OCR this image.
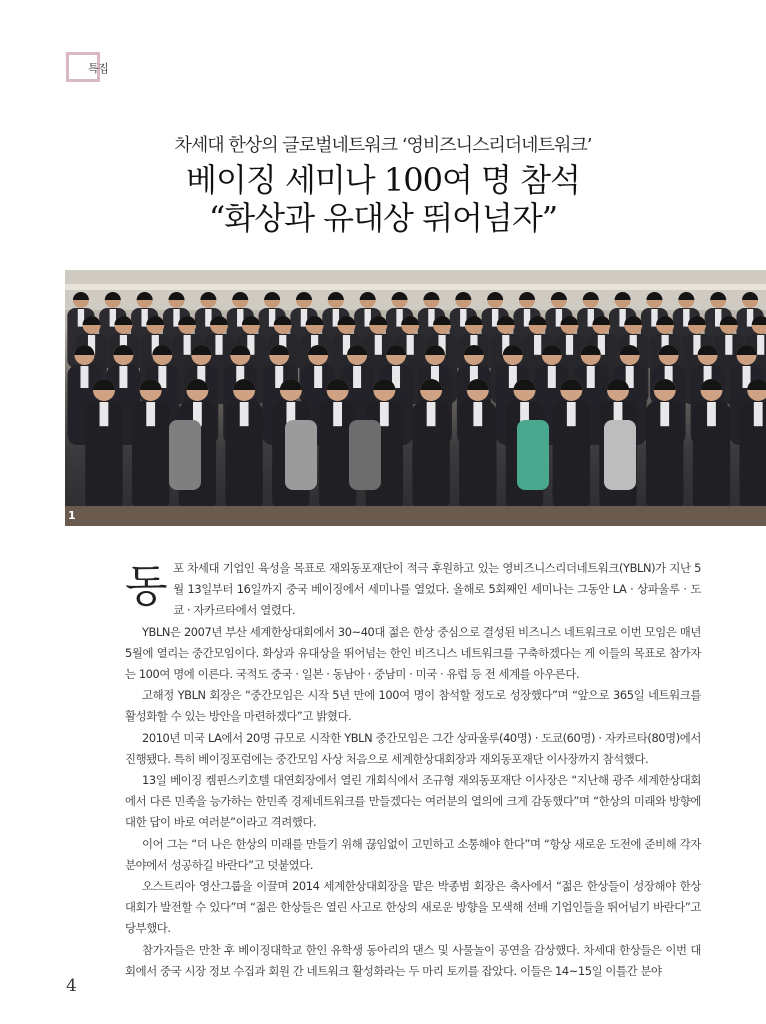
특집
차세대 한상의 글로벌네트워크 ‘영비즈니스리더네트워크’
베이징 세미나 100여 명 참석
“화상과 유대상 뛰어넘자”
1
동 포 차세대 기업인 육성을 목표로 재외동포재단이 적극 후원하고 있는 영비즈니스리더네트워크(YBLN)가 지난 5월 13일부터 16일까지 중국 베이징에서 세미나를 열었다. 올해로 5회째인 세미나는 그동안 LA · 상파울루 · 도쿄 · 자카르타에서 열렸다.

YBLN은 2007년 부산 세계한상대회에서 30~40대 젊은 한상 중심으로 결성된 비즈니스 네트워크로 이번 모임은 매년 5월에 열리는 중간모임이다. 화상과 유대상을 뛰어넘는 한인 비즈니스 네트워크를 구축하겠다는 게 이들의 목표로 참가자는 100여 명에 이른다. 국적도 중국 · 일본 · 동남아 · 중남미 · 미국 · 유럽 등 전 세계를 아우른다.

고해정 YBLN 회장은 “중간모임은 시작 5년 만에 100여 명이 참석할 정도로 성장했다”며 “앞으로 365일 네트워크를 활성화할 수 있는 방안을 마련하겠다”고 밝혔다.

2010년 미국 LA에서 20명 규모로 시작한 YBLN 중간모임은 그간 상파울루(40명) · 도쿄(60명) · 자카르타(80명)에서 진행됐다. 특히 베이징포럼에는 중간모임 사상 처음으로 세계한상대회장과 재외동포재단 이사장까지 참석했다.

13일 베이징 켐핀스키호텔 대연회장에서 열린 개회식에서 조규형 재외동포재단 이사장은 “지난해 광주 세계한상대회에서 다른 민족을 능가하는 한민족 경제네트워크를 만들겠다는 여러분의 열의에 크게 감동했다”며 “한상의 미래와 방향에 대한 답이 바로 여러분”이라고 격려했다.

이어 그는 “더 나은 한상의 미래를 만들기 위해 끊임없이 고민하고 소통해야 한다”며 “항상 새로운 도전에 준비해 각자 분야에서 성공하길 바란다”고 덧붙였다.

오스트리아 영산그룹을 이끌며 2014 세계한상대회장을 맡은 박종범 회장은 축사에서 “젊은 한상들이 성장해야 한상대회가 발전할 수 있다”며 “젊은 한상들은 열린 사고로 한상의 새로운 방향을 모색해 선배 기업인들을 뛰어넘기 바란다”고 당부했다.

참가자들은 만찬 후 베이징대학교 한인 유학생 동아리의 댄스 및 사물놀이 공연을 감상했다. 차세대 한상들은 이번 대회에서 중국 시장 정보 수집과 회원 간 네트워크 활성화라는 두 마리 토끼를 잡았다. 이들은 14~15일 이틀간 분야

4
